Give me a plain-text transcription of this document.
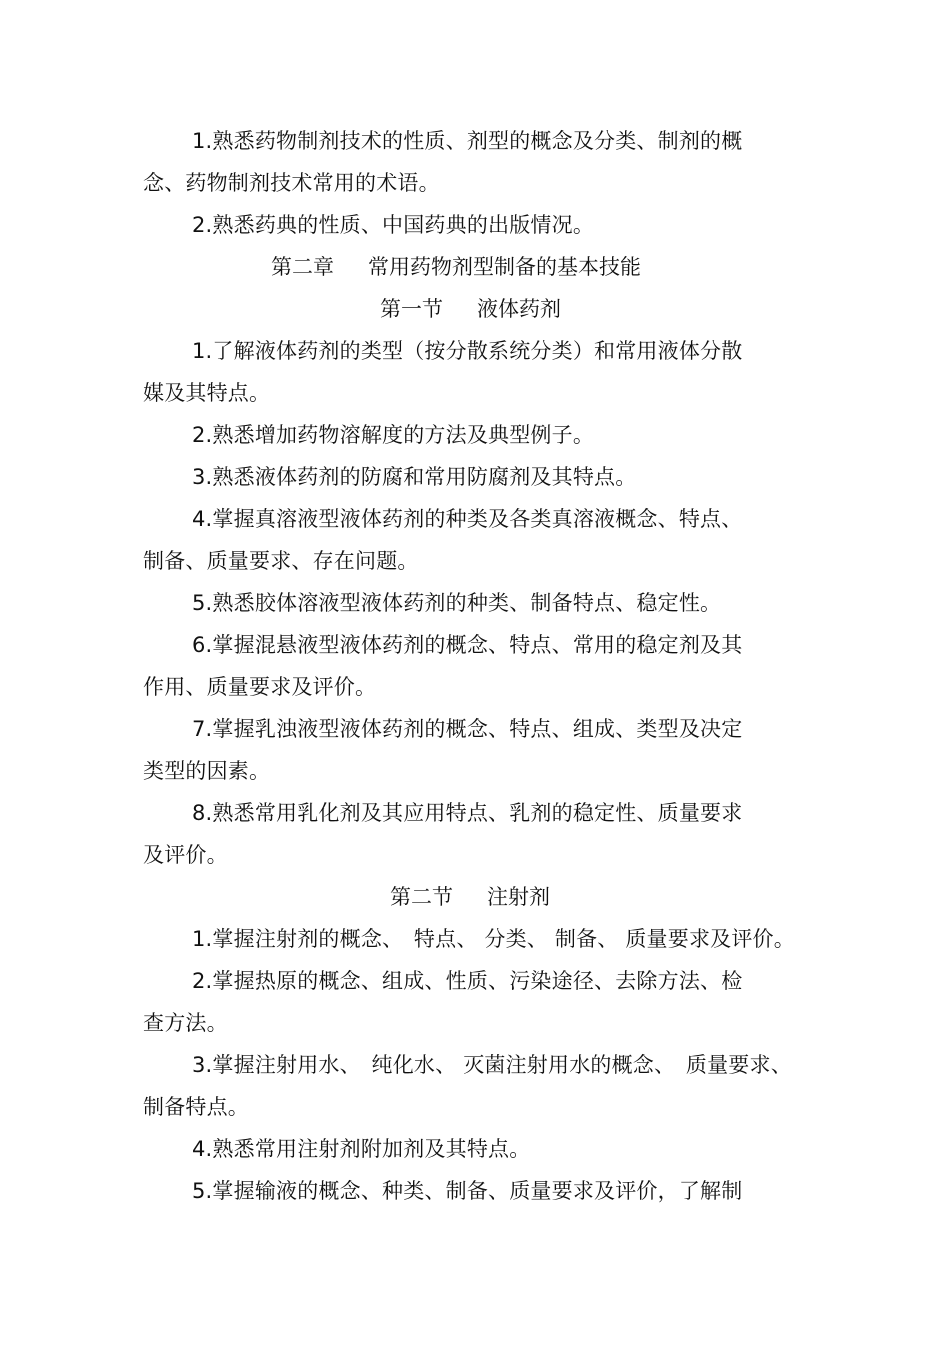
1.熟悉药物制剂技术的性质、剂型的概念及分类、制剂的概
念、药物制剂技术常用的术语。
2.熟悉药典的性质、中国药典的出版情况。
第二章 常用药物剂型制备的基本技能
第一节 液体药剂
1.了解液体药剂的类型（按分散系统分类）和常用液体分散
媒及其特点。
2.熟悉增加药物溶解度的方法及典型例子。
3.熟悉液体药剂的防腐和常用防腐剂及其特点。
4.掌握真溶液型液体药剂的种类及各类真溶液概念、特点、
制备、质量要求、存在问题。
5.熟悉胶体溶液型液体药剂的种类、制备特点、稳定性。
6.掌握混悬液型液体药剂的概念、特点、常用的稳定剂及其
作用、质量要求及评价。
7.掌握乳浊液型液体药剂的概念、特点、组成、类型及决定
类型的因素。
8.熟悉常用乳化剂及其应用特点、乳剂的稳定性、质量要求
及评价。
第二节 注射剂
1.掌握注射剂的概念、　特点、 分类、 制备、 质量要求及评价。
2.掌握热原的概念、组成、性质、污染途径、去除方法、检
查方法。
3.掌握注射用水、　纯化水、 灭菌注射用水的概念、　质量要求、
制备特点。
4.熟悉常用注射剂附加剂及其特点。
5.掌握输液的概念、种类、制备、质量要求及评价，了解制
